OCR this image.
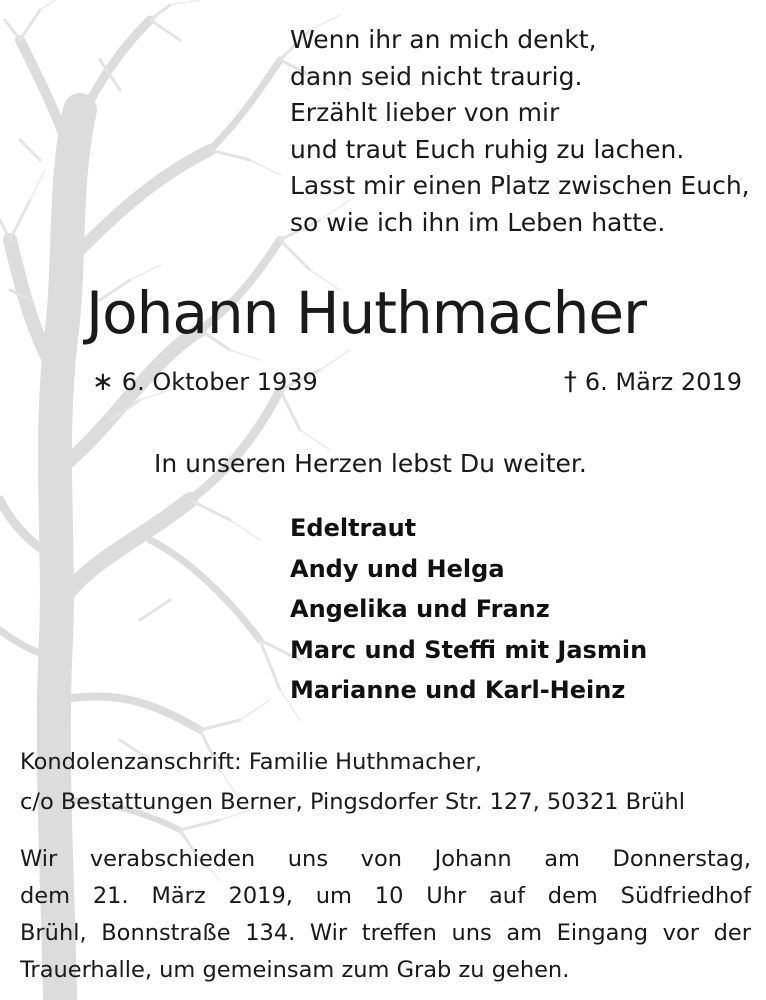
Wenn ihr an mich denkt,
dann seid nicht traurig.
Erzählt lieber von mir
und traut Euch ruhig zu lachen.
Lasst mir einen Platz zwischen Euch,
so wie ich ihn im Leben hatte.
Johann Huthmacher
∗ 6. Oktober 1939	† 6. März 2019
In unseren Herzen lebst Du weiter.
Edeltraut
Andy und Helga
Angelika und Franz
Marc und Steffi mit Jasmin
Marianne und Karl-Heinz
Kondolenzanschrift: Familie Huthmacher,
c/o Bestattungen Berner, Pingsdorfer Str. 127, 50321 Brühl
Wir verabschieden uns von Johann am Donnerstag,
dem 21. März 2019, um 10 Uhr auf dem Südfriedhof
Brühl, Bonnstraße 134. Wir treffen uns am Eingang vor der
Trauerhalle, um gemeinsam zum Grab zu gehen.
